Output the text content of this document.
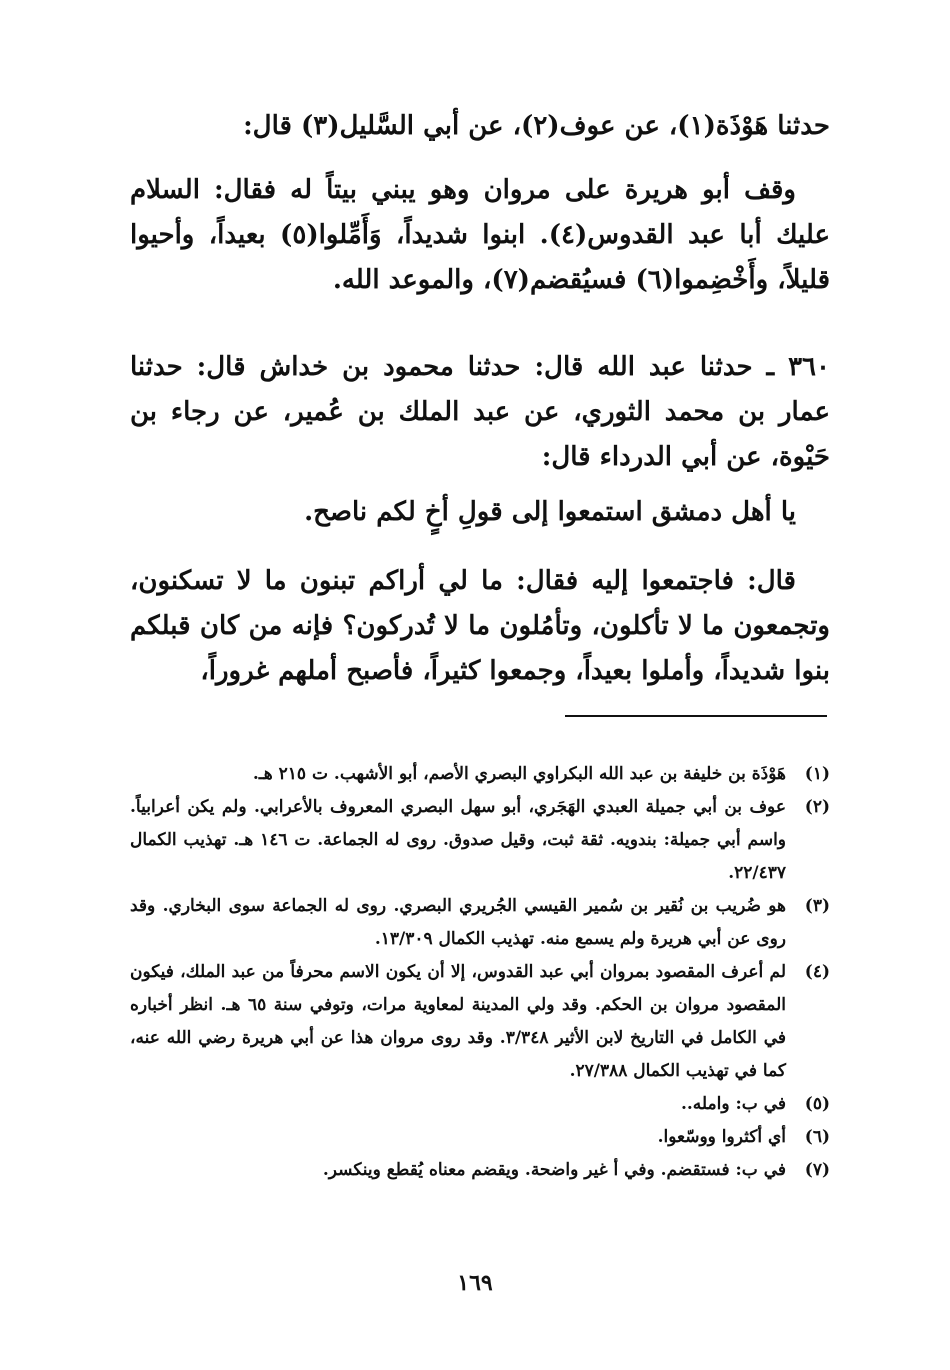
حدثنا هَوْذَة(١)، عن عوف(٢)، عن أبي السَّليل(٣) قال:

وقف أبو هريرة على مروان وهو يبني بيتاً له فقال: السلام عليك أبا عبد القدوس(٤). ابنوا شديداً، وَأَمِّلوا(٥) بعيداً، وأحيوا قليلاً، وأَخْضِموا(٦) فسيُقضم(٧)، والموعد الله.

٣٦٠ ـ حدثنا عبد الله قال: حدثنا محمود بن خداش قال: حدثنا عمار بن محمد الثوري، عن عبد الملك بن عُمير، عن رجاء بن حَيْوة، عن أبي الدرداء قال:

يا أهل دمشق استمعوا إلى قولِ أخٍ لكم ناصح.

قال: فاجتمعوا إليه فقال: ما لي أراكم تبنون ما لا تسكنون، وتجمعون ما لا تأكلون، وتأمُلون ما لا تُدركون؟ فإنه من كان قبلكم بنوا شديداً، وأملوا بعيداً، وجمعوا كثيراً، فأصبح أملهم غروراً،

(١)
هَوْذَة بن خليفة بن عبد الله البكراوي البصري الأصم، أبو الأشهب. ت ٢١٥ هـ.
(٢)
عوف بن أبي جميلة العبدي الهَجَري، أبو سهل البصري المعروف بالأعرابي. ولم يكن أعرابياً. واسم أبي جميلة: بندويه. ثقة ثبت، وقيل صدوق. روى له الجماعة. ت ١٤٦ هـ. تهذيب الكمال ٢٢/٤٣٧.
(٣)
هو ضُريب بن نُقير بن سُمير القيسي الجُريري البصري. روى له الجماعة سوى البخاري. وقد روى عن أبي هريرة ولم يسمع منه. تهذيب الكمال ١٣/٣٠٩.
(٤)
لم أعرف المقصود بمروان أبي عبد القدوس، إلا أن يكون الاسم محرفاً من عبد الملك، فيكون المقصود مروان بن الحكم. وقد ولي المدينة لمعاوية مرات، وتوفي سنة ٦٥ هـ. انظر أخباره في الكامل في التاريخ لابن الأثير ٣/٣٤٨. وقد روى مروان هذا عن أبي هريرة رضي الله عنه، كما في تهذيب الكمال ٢٧/٣٨٨.
(٥)
في ب: وامله..
(٦)
أي أكثروا ووسّعوا.
(٧)
في ب: فستقضم. وفي أ غير واضحة. ويقضم معناه يُقطع وينكسر.
١٦٩
